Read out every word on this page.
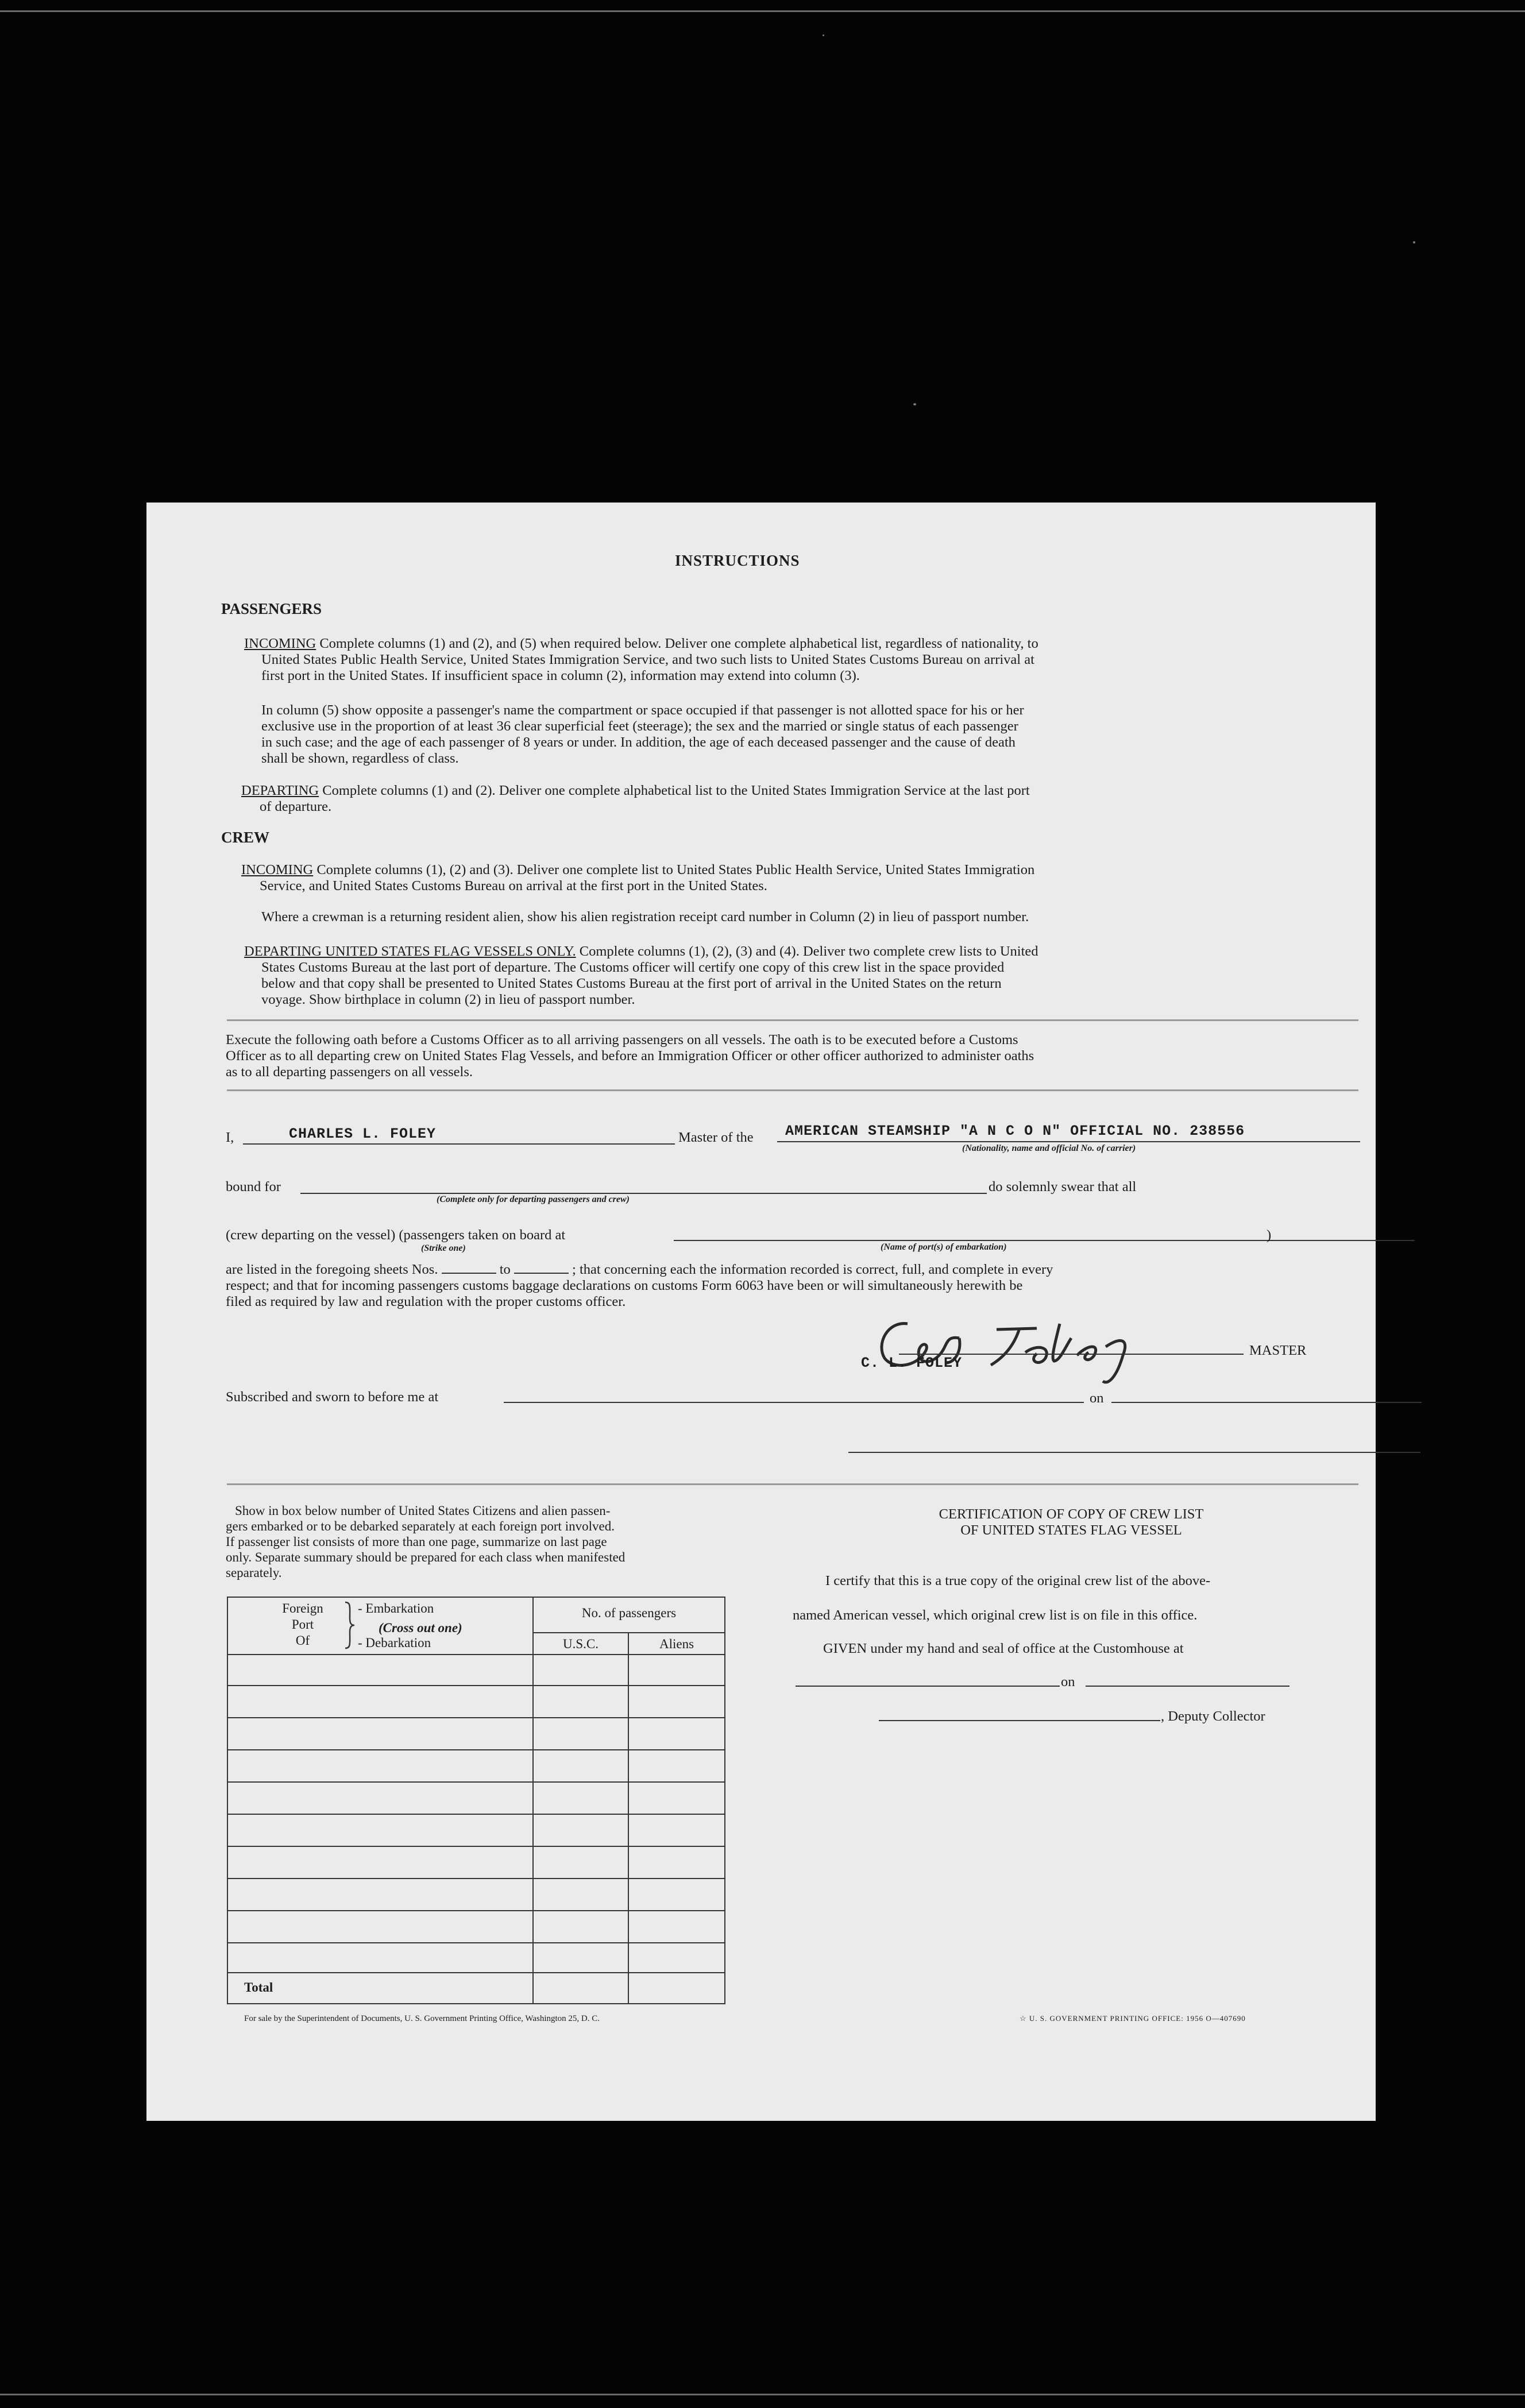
INSTRUCTIONS
PASSENGERS
INCOMING Complete columns (1) and (2), and (5) when required below. Deliver one complete alphabetical list, regardless of nationality, to
United States Public Health Service, United States Immigration Service, and two such lists to United States Customs Bureau on arrival at
first port in the United States. If insufficient space in column (2), information may extend into column (3).
In column (5) show opposite a passenger's name the compartment or space occupied if that passenger is not allotted space for his or her
exclusive use in the proportion of at least 36 clear superficial feet (steerage); the sex and the married or single status of each passenger
in such case; and the age of each passenger of 8 years or under. In addition, the age of each deceased passenger and the cause of death
shall be shown, regardless of class.
DEPARTING Complete columns (1) and (2). Deliver one complete alphabetical list to the United States Immigration Service at the last port
of departure.
CREW
INCOMING Complete columns (1), (2) and (3). Deliver one complete list to United States Public Health Service, United States Immigration
Service, and United States Customs Bureau on arrival at the first port in the United States.
Where a crewman is a returning resident alien, show his alien registration receipt card number in Column (2) in lieu of passport number.
DEPARTING UNITED STATES FLAG VESSELS ONLY. Complete columns (1), (2), (3) and (4). Deliver two complete crew lists to United
States Customs Bureau at the last port of departure. The Customs officer will certify one copy of this crew list in the space provided
below and that copy shall be presented to United States Customs Bureau at the first port of arrival in the United States on the return
voyage. Show birthplace in column (2) in lieu of passport number.
Execute the following oath before a Customs Officer as to all arriving passengers on all vessels. The oath is to be executed before a Customs
Officer as to all departing crew on United States Flag Vessels, and before an Immigration Officer or other officer authorized to administer oaths
as to all departing passengers on all vessels.
I,	CHARLES L. FOLEY	Master of the AMERICAN STEAMSHIP "A N C O N" OFFICIAL NO. 238556
(Nationality, name and official No. of carrier)
bound for
(Complete only for departing passengers and crew)
do solemnly swear that all
(crew departing on the vessel) (passengers taken on board at
(Strike one)	(Name of port(s) of embarkation)
)
are listed in the foregoing sheets Nos.	to	; that concerning each the information recorded is correct, full, and complete in every
respect; and that for incoming passengers customs baggage declarations on customs Form 6063 have been or will simultaneously herewith be
filed as required by law and regulation with the proper customs officer.
C. L. FOLEY
MASTER
Subscribed and sworn to before me at	on
Show in box below number of United States Citizens and alien passen-
gers embarked or to be debarked separately at each foreign port involved.
If passenger list consists of more than one page, summarize on last page
only. Separate summary should be prepared for each class when manifested
separately.
Foreign
Port
Of
- Embarkation
(Cross out one)
- Debarkation
No. of passengers
U.S.C.	Aliens
Total
CERTIFICATION OF COPY OF CREW LIST
OF UNITED STATES FLAG VESSEL
I certify that this is a true copy of the original crew list of the above-
named American vessel, which original crew list is on file in this office.
GIVEN under my hand and seal of office at the Customhouse at
on
, Deputy Collector
For sale by the Superintendent of Documents, U. S. Government Printing Office, Washington 25, D. C.	☆ U. S. GOVERNMENT PRINTING OFFICE: 1956 O—407690
